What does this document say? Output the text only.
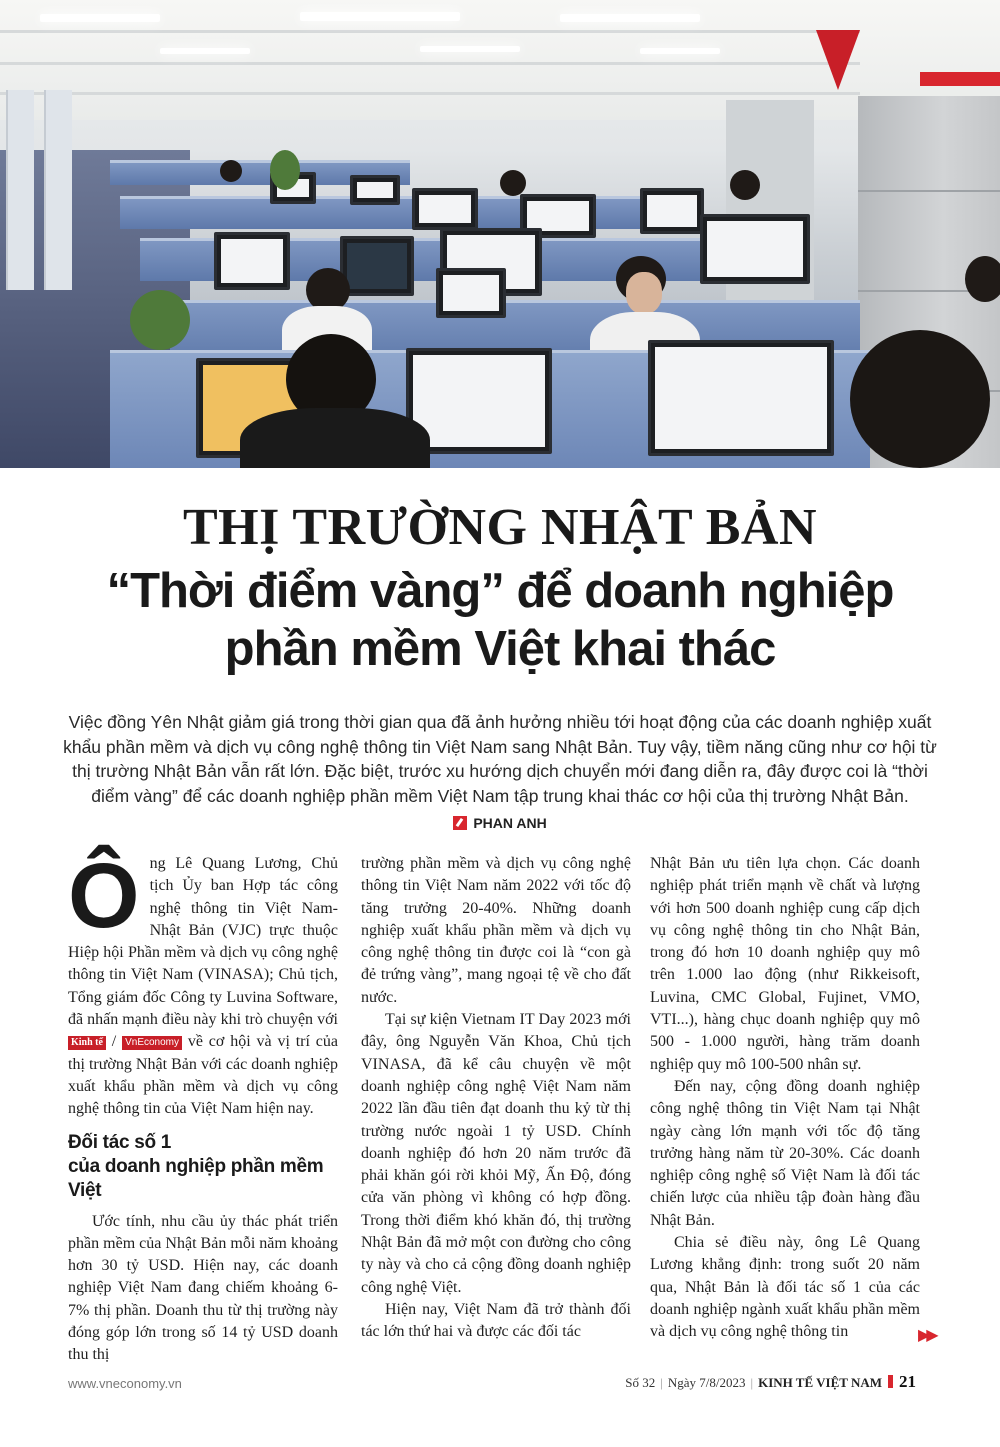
THỊ TRƯỜNG NHẬT BẢN
“Thời điểm vàng” để doanh nghiệp
phần mềm Việt khai thác
Việc đồng Yên Nhật giảm giá trong thời gian qua đã ảnh hưởng nhiều tới hoạt động của các doanh nghiệp xuất khẩu phần mềm và dịch vụ công nghệ thông tin Việt Nam sang Nhật Bản. Tuy vậy, tiềm năng cũng như cơ hội từ thị trường Nhật Bản vẫn rất lớn. Đặc biệt, trước xu hướng dịch chuyển mới đang diễn ra, đây được coi là “thời điểm vàng” để các doanh nghiệp phần mềm Việt Nam tập trung khai thác cơ hội của thị trường Nhật Bản.
PHAN ANH

Ông Lê Quang Lương, Chủ tịch Ủy ban Hợp tác công nghệ thông tin Việt Nam-Nhật Bản (VJC) trực thuộc Hiệp hội Phần mềm và dịch vụ công nghệ thông tin Việt Nam (VINASA); Chủ tịch, Tổng giám đốc Công ty Luvina Software, đã nhấn mạnh điều này khi trò chuyện với Kinh tế / VnEconomy về cơ hội và vị trí của thị trường Nhật Bản với các doanh nghiệp xuất khẩu phần mềm và dịch vụ công nghệ thông tin của Việt Nam hiện nay.

Đối tác số 1
của doanh nghiệp phần mềm Việt

Ước tính, nhu cầu ủy thác phát triển phần mềm của Nhật Bản mỗi năm khoảng hơn 30 tỷ USD. Hiện nay, các doanh nghiệp Việt Nam đang chiếm khoảng 6-7% thị phần. Doanh thu từ thị trường này đóng góp lớn trong số 14 tỷ USD doanh thu thị

trường phần mềm và dịch vụ công nghệ thông tin Việt Nam năm 2022 với tốc độ tăng trưởng 20-40%. Những doanh nghiệp xuất khẩu phần mềm và dịch vụ công nghệ thông tin được coi là “con gà đẻ trứng vàng”, mang ngoại tệ về cho đất nước.

Tại sự kiện Vietnam IT Day 2023 mới đây, ông Nguyễn Văn Khoa, Chủ tịch VINASA, đã kể câu chuyện về một doanh nghiệp công nghệ Việt Nam năm 2022 lần đầu tiên đạt doanh thu kỷ từ thị trường nước ngoài 1 tỷ USD. Chính doanh nghiệp đó hơn 20 năm trước đã phải khăn gói rời khỏi Mỹ, Ấn Độ, đóng cửa văn phòng vì không có hợp đồng. Trong thời điểm khó khăn đó, thị trường Nhật Bản đã mở một con đường cho công ty này và cho cả cộng đồng doanh nghiệp công nghệ Việt.

Hiện nay, Việt Nam đã trở thành đối tác lớn thứ hai và được các đối tác

Nhật Bản ưu tiên lựa chọn. Các doanh nghiệp phát triển mạnh về chất và lượng với hơn 500 doanh nghiệp cung cấp dịch vụ công nghệ thông tin cho Nhật Bản, trong đó hơn 10 doanh nghiệp quy mô trên 1.000 lao động (như Rikkeisoft, Luvina, CMC Global, Fujinet, VMO, VTI...), hàng chục doanh nghiệp quy mô 500 - 1.000 người, hàng trăm doanh nghiệp quy mô 100-500 nhân sự.

Đến nay, cộng đồng doanh nghiệp công nghệ thông tin Việt Nam tại Nhật ngày càng lớn mạnh với tốc độ tăng trưởng hàng năm từ 20-30%. Các doanh nghiệp công nghệ số Việt Nam là đối tác chiến lược của nhiều tập đoàn hàng đầu Nhật Bản.

Chia sẻ điều này, ông Lê Quang Lương khẳng định: trong suốt 20 năm qua, Nhật Bản là đối tác số 1 của các doanh nghiệp ngành xuất khẩu phần mềm và dịch vụ công nghệ thông tin	▶▶
www.vneconomy.vn	Số 32 | Ngày 7/8/2023 | KINH TẾ VIỆT NAM 21
